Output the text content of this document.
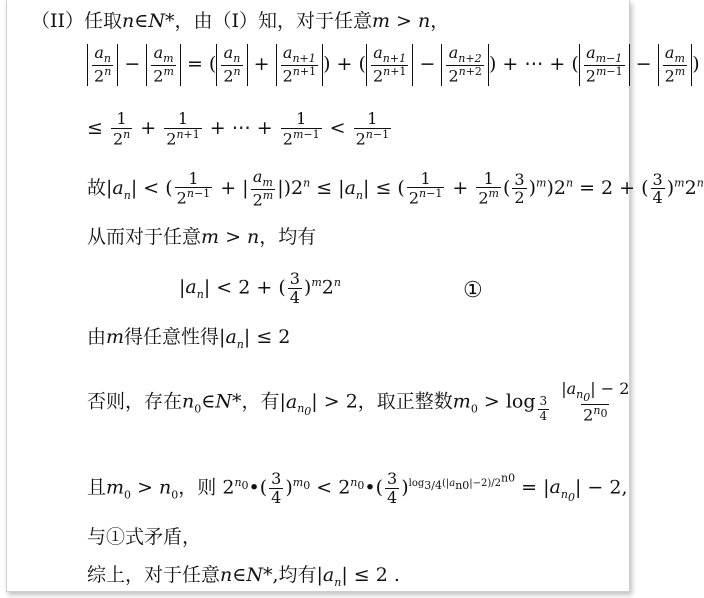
（II）任取n∈N*，由（I）知，对于任意m > n，
$\frac{a_n}{2^n} - \frac{a_m}{2^m}$ = ( $\frac{a_n}{2^n} + \frac{a_{n+1}}{2^{n+1}}$ ) + ( $\frac{a_{n+1}}{2^{n+1}} - \frac{a_{n+2}}{2^{n+2}}$ ) + ⋯ + ( $\frac{a_{m-1}}{2^{m-1}} - \frac{a_m}{2^m}$ )
≤ $\frac{1}{2^n} + \frac{1}{2^{n+1}}$ + ⋯ + $\frac{1}{2^{m-1}} < \frac{1}{2^{n-1}}$
故$|a_n|$ < ( $\frac{1}{2^{n-1}}$ + | $\frac{a_m}{2^m} |)2^n \le |a_n|$ ≤ ( $\frac{1}{2^{n-1}} + \frac{1}{2^m}$ ( $\frac{3}{2} )^m)2^n = 2$ + ( $\frac{3}{4} )^m2^n$
从而对于任意m > n，均有
$|a_n| < 2$ + ( $\frac{3}{4} )^m2^n$	①
由m得任意性得$|a_n| \le 2$
否则，存在$n_0\in N*$，有$|a_{n_0}| > 2$，取正整数$m_0 > \log _{\frac{3}{4}}$
$\frac{|a_{n_0}| - 2}{2^{n_0}}$
且$m_0 > n_0$，则 $2^{n_0}•( \frac{3}{4} )^{m_0}$ < $2^{n_0}•( \frac{3}{4} )^{log_{3/4}(|a_{n0}|-2)/2^{n0}} = |a_{n_0}| - 2$,
与①式矛盾，
综上，对于任意n∈N*,均有$|a_n| \le 2$ .
